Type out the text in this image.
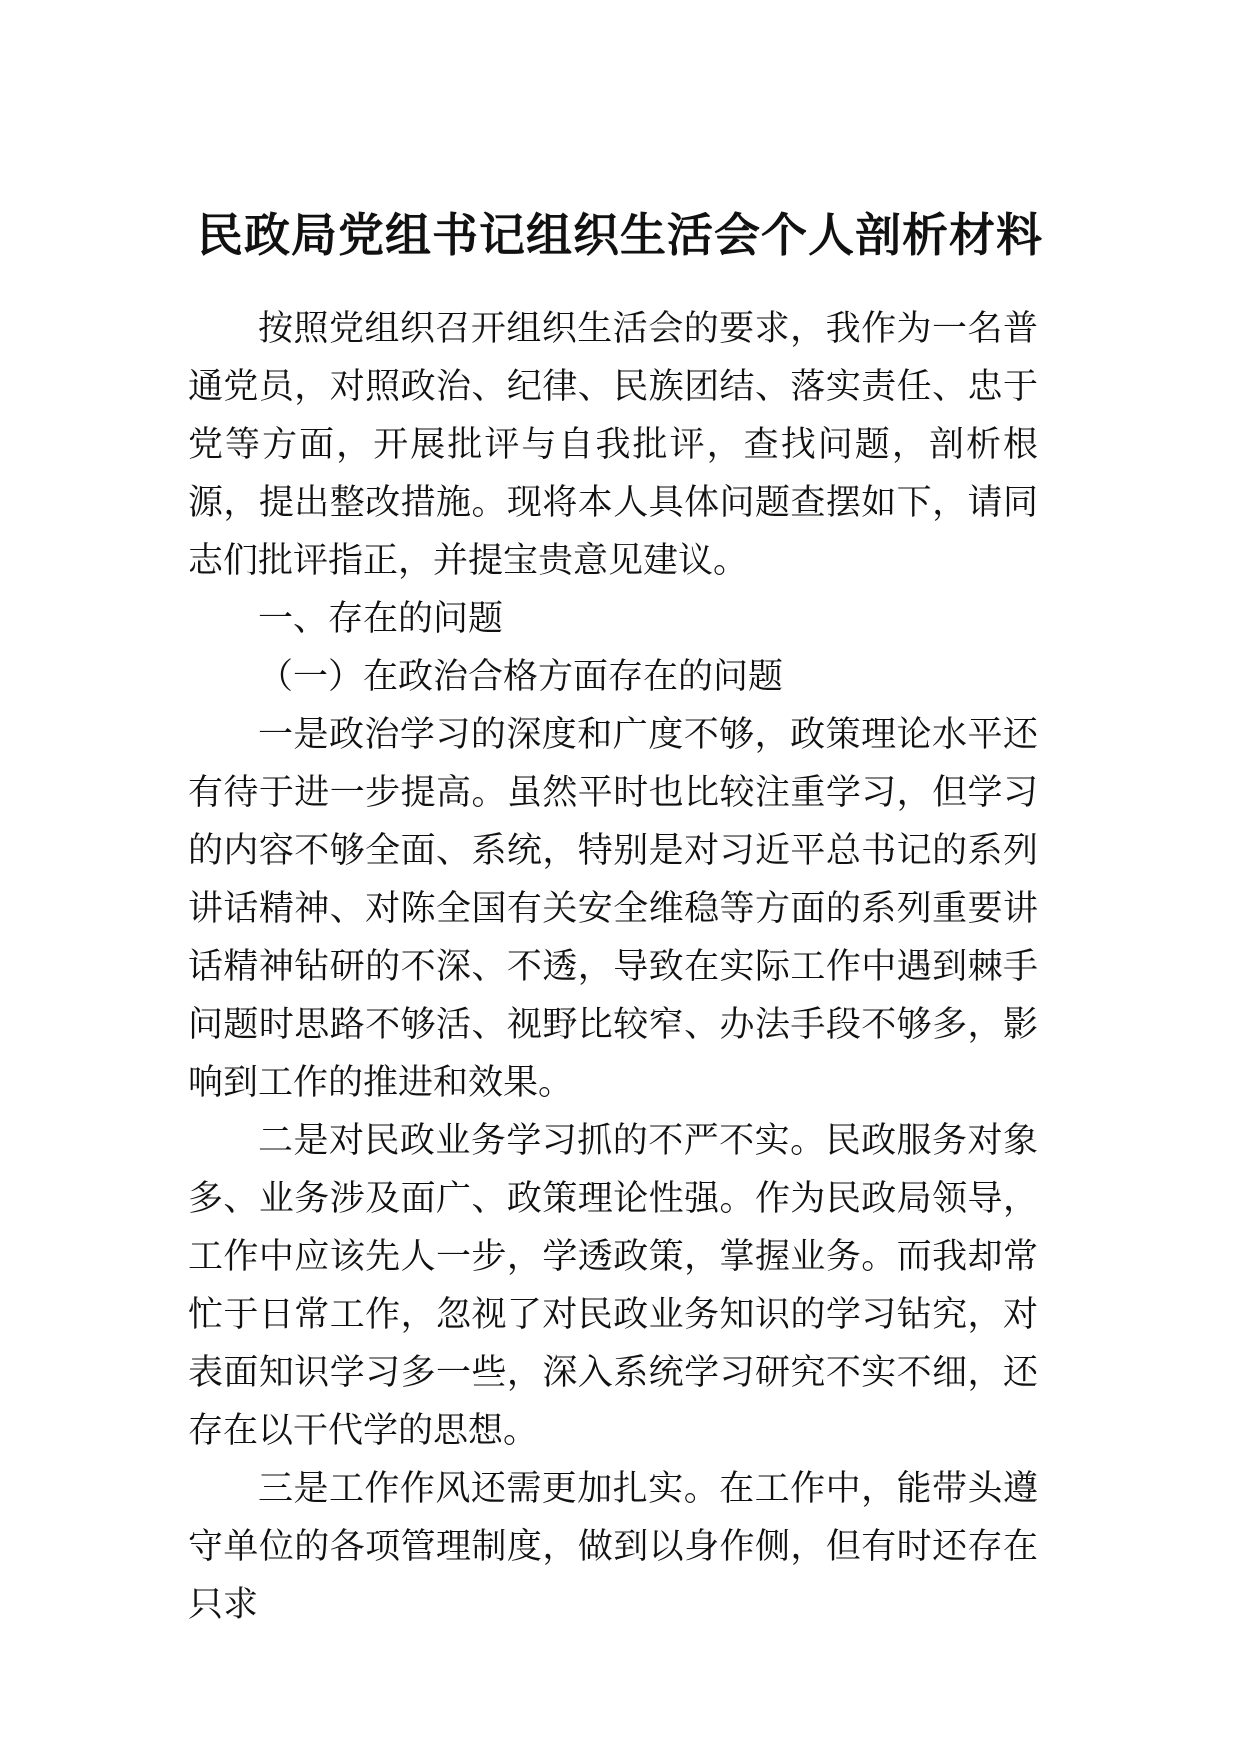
民政局党组书记组织生活会个人剖析材料

按照党组织召开组织生活会的要求，我作为一名普通党员，对照政治、纪律、民族团结、落实责任、忠于党等方面，开展批评与自我批评，查找问题，剖析根源，提出整改措施。现将本人具体问题查摆如下，请同志们批评指正，并提宝贵意见建议。

一、存在的问题

（一）在政治合格方面存在的问题

一是政治学习的深度和广度不够，政策理论水平还有待于进一步提高。虽然平时也比较注重学习，但学习的内容不够全面、系统，特别是对习近平总书记的系列讲话精神、对陈全国有关安全维稳等方面的系列重要讲话精神钻研的不深、不透，导致在实际工作中遇到棘手问题时思路不够活、视野比较窄、办法手段不够多，影响到工作的推进和效果。

二是对民政业务学习抓的不严不实。民政服务对象多、业务涉及面广、政策理论性强。作为民政局领导，工作中应该先人一步，学透政策，掌握业务。而我却常忙于日常工作，忽视了对民政业务知识的学习钻究，对表面知识学习多一些，深入系统学习研究不实不细，还存在以干代学的思想。

三是工作作风还需更加扎实。在工作中，能带头遵守单位的各项管理制度，做到以身作侧，但有时还存在只求
